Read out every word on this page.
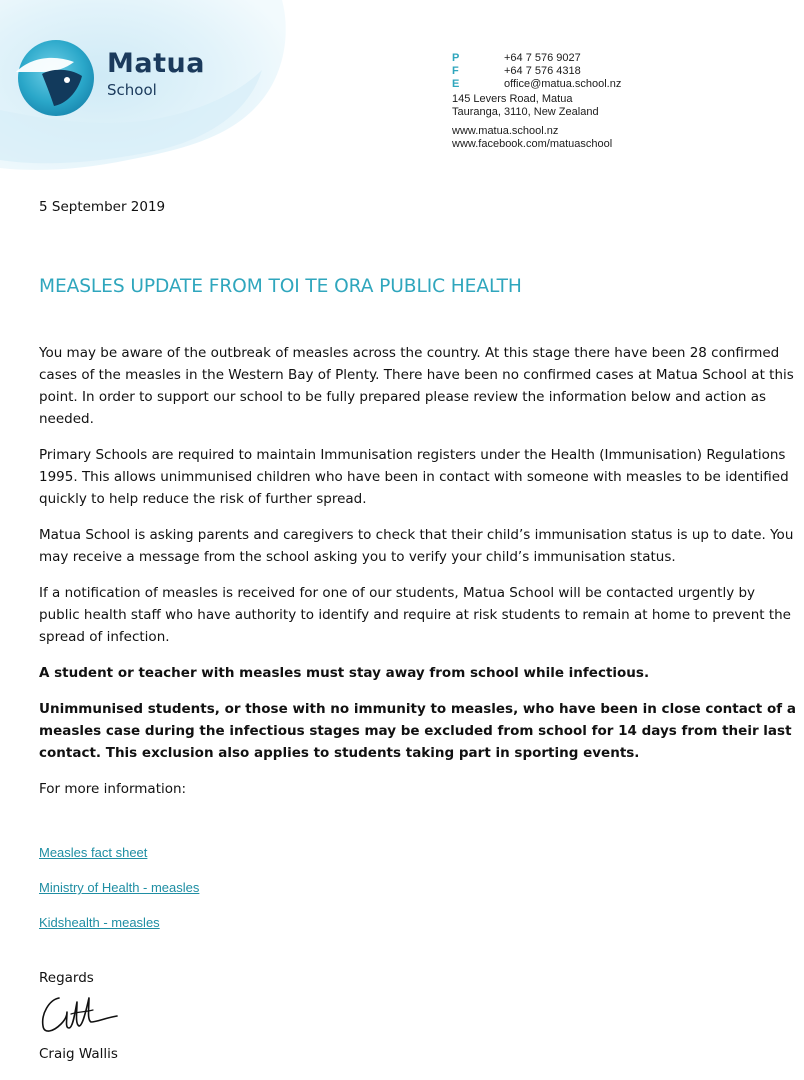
Matua
School
P	+64 7 576 9027
F	+64 7 576 4318
E	office@matua.school.nz
145 Levers Road, Matua
Tauranga, 3110, New Zealand
www.matua.school.nz
www.facebook.com/matuaschool
5 September 2019
MEASLES UPDATE FROM TOI TE ORA PUBLIC HEALTH

You may be aware of the outbreak of measles across the country. At this stage there have been 28 confirmed cases of the measles in the Western Bay of Plenty. There have been no confirmed cases at Matua School at this point. In order to support our school to be fully prepared please review the information below and action as needed.

Primary Schools are required to maintain Immunisation registers under the Health (Immunisation) Regulations 1995. This allows unimmunised children who have been in contact with someone with measles to be identified quickly to help reduce the risk of further spread.

Matua School is asking parents and caregivers to check that their child’s immunisation status is up to date. You may receive a message from the school asking you to verify your child’s immunisation status.

If a notification of measles is received for one of our students, Matua School will be contacted urgently by public health staff who have authority to identify and require at risk students to remain at home to prevent the spread of infection.

A student or teacher with measles must stay away from school while infectious.

Unimmunised students, or those with no immunity to measles, who have been in close contact of a measles case during the infectious stages may be excluded from school for 14 days from their last contact. This exclusion also applies to students taking part in sporting events.

For more information:

Measles fact sheet
Ministry of Health - measles
Kidshealth - measles
Regards
Craig Wallis
